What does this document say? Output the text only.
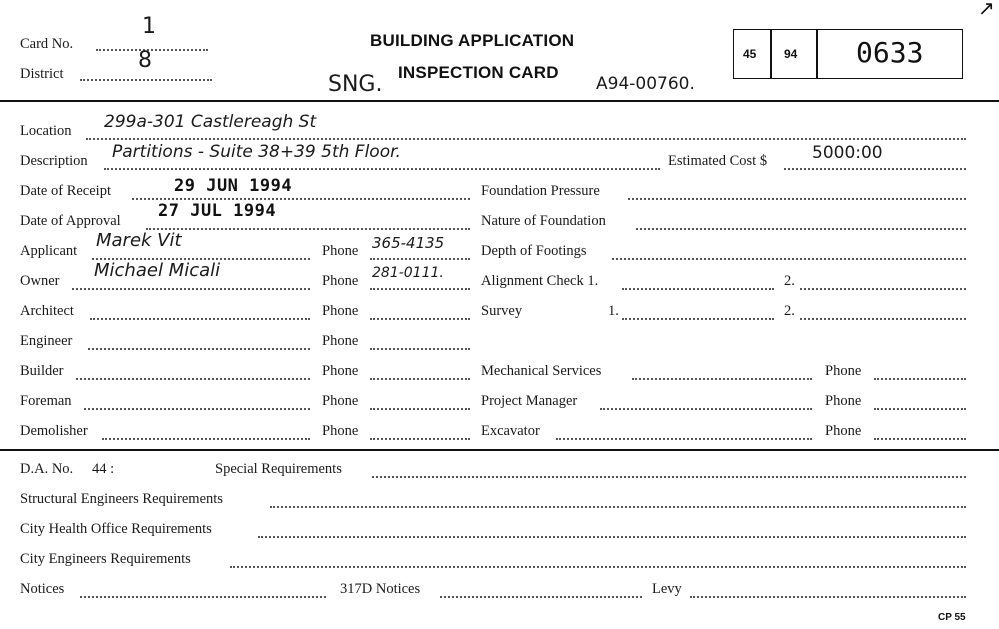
↗
Card No.
1
District
8
BUILDING APPLICATION
INSPECTION CARD
SNG.	A94-00760.
45 94 0633
Location 299a-301 Castlereagh St
Description Partitions - Suite 38+39 5th Floor.	Estimated Cost $	5000:00
Date of Receipt	29 JUN 1994
Date of Approval 27 JUL 1994
Applicant Marek Vit	Phone 365-4135
Owner Michael Micali	Phone 281-0111.
Architect	Phone
Engineer	Phone
Builder	Phone
Foreman	Phone
Demolisher	Phone
Foundation Pressure
Nature of Foundation
Depth of Footings
Alignment Check 1.	2.
Survey	1.	2.
Mechanical Services	Phone
Project Manager	Phone
Excavator	Phone
D.A. No. 44 :	Special Requirements
Structural Engineers Requirements
City Health Office Requirements
City Engineers Requirements
Notices	317D Notices	Levy
CP 55
